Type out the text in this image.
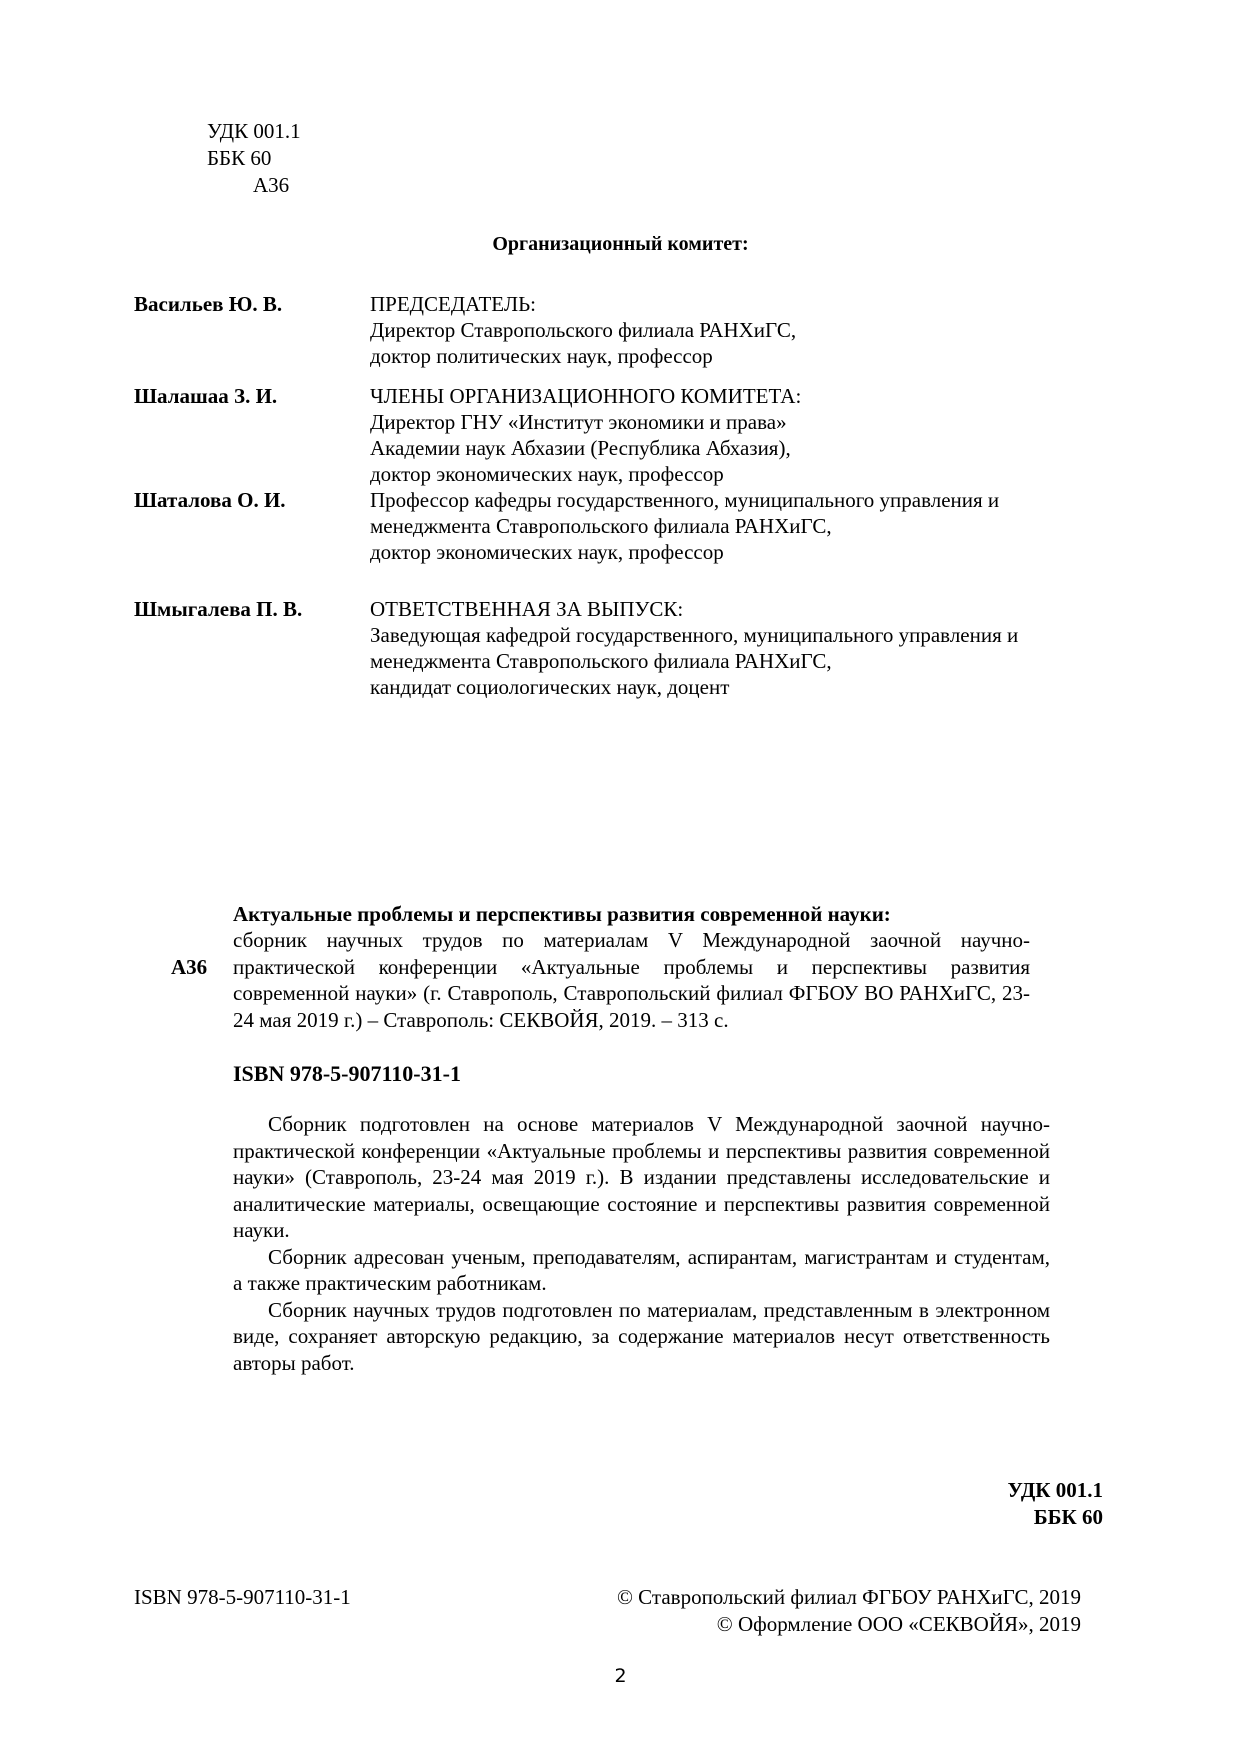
УДК 001.1
ББК 60
А36
Организационный комитет:
Васильев Ю. В.	ПРЕДСЕДАТЕЛЬ:
Директор Ставропольского филиала РАНХиГС,
доктор политических наук, профессор
Шалашаа З. И.	ЧЛЕНЫ ОРГАНИЗАЦИОННОГО КОМИТЕТА:
Директор ГНУ «Институт экономики и права»
Академии наук Абхазии (Республика Абхазия),
доктор экономических наук, профессор
Шаталова О. И.	Профессор кафедры государственного, муниципального управления и
менеджмента Ставропольского филиала РАНХиГС,
доктор экономических наук, профессор
Шмыгалева П. В.	ОТВЕТСТВЕННАЯ ЗА ВЫПУСК:
Заведующая кафедрой государственного, муниципального управления и
менеджмента Ставропольского филиала РАНХиГС,
кандидат социологических наук, доцент
А36
Актуальные проблемы и перспективы развития современной науки:
сборник научных трудов по материалам V Международной заочной научно-практической конференции «Актуальные проблемы и перспективы развития современной науки» (г. Ставрополь, Ставропольский филиал ФГБОУ ВО РАНХиГС, 23-24 мая 2019 г.) – Ставрополь: СЕКВОЙЯ, 2019. – 313 с.
ISBN 978-5-907110-31-1

Сборник подготовлен на основе материалов V Международной заочной научно-практической конференции «Актуальные проблемы и перспективы развития современной науки» (Ставрополь, 23-24 мая 2019 г.). В издании представлены исследовательские и аналитические материалы, освещающие состояние и перспективы развития современной науки.

Сборник адресован ученым, преподавателям, аспирантам, магистрантам и студентам, а также практическим работникам.

Сборник научных трудов подготовлен по материалам, представленным в электронном виде, сохраняет авторскую редакцию, за содержание материалов несут ответственность авторы работ.

УДК 001.1
ББК 60
ISBN 978-5-907110-31-1	© Ставропольский филиал ФГБОУ РАНХиГС, 2019
© Оформление ООО «СЕКВОЙЯ», 2019
2
